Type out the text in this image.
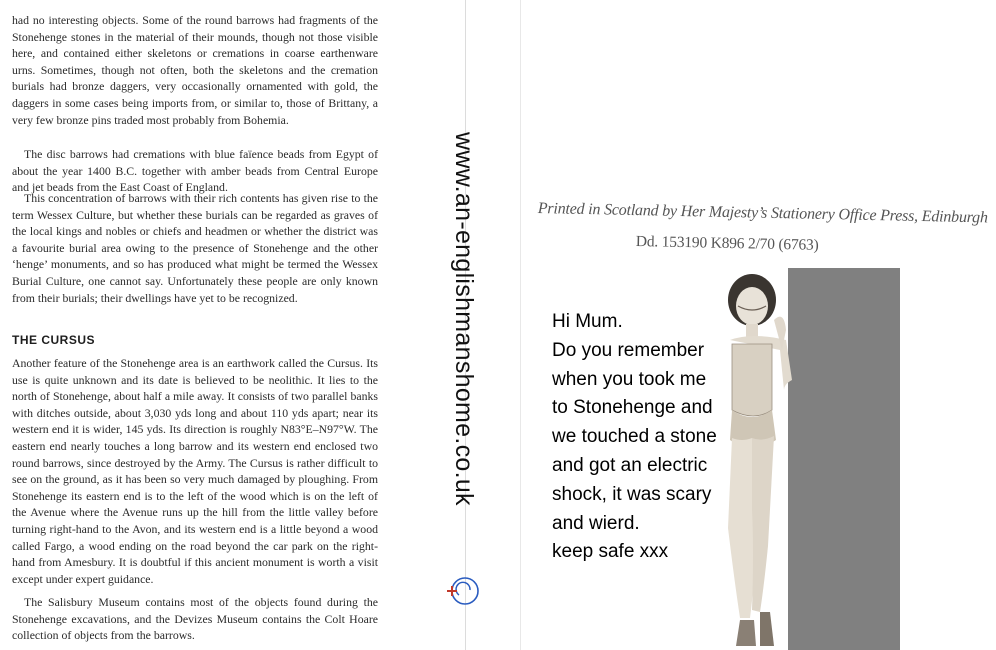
had no interesting objects. Some of the round barrows had fragments of the Stonehenge stones in the material of their mounds, though not those visible here, and contained either skeletons or cremations in coarse earthenware urns. Sometimes, though not often, both the skeletons and the cremation burials had bronze daggers, very occasionally ornamented with gold, the daggers in some cases being imports from, or similar to, those of Brittany, a very few bronze pins traded most probably from Bohemia.

The disc barrows had cremations with blue faïence beads from Egypt of about the year 1400 B.C. together with amber beads from Central Europe and jet beads from the East Coast of England.

This concentration of barrows with their rich contents has given rise to the term Wessex Culture, but whether these burials can be regarded as graves of the local kings and nobles or chiefs and headmen or whether the district was a favourite burial area owing to the presence of Stonehenge and the other ‘henge’ monuments, and so has produced what might be termed the Wessex Burial Culture, one cannot say. Unfortunately these people are only known from their burials; their dwellings have yet to be recognized.

THE CURSUS

Another feature of the Stonehenge area is an earthwork called the Cursus. Its use is quite unknown and its date is believed to be neolithic. It lies to the north of Stonehenge, about half a mile away. It consists of two parallel banks with ditches outside, about 3,030 yds long and about 110 yds apart; near its western end it is wider, 145 yds. Its direction is roughly N83°E–N97°W. The eastern end nearly touches a long barrow and its western end enclosed two round barrows, since destroyed by the Army. The Cursus is rather difficult to see on the ground, as it has been so very much damaged by ploughing. From Stonehenge its eastern end is to the left of the wood which is on the left of the Avenue where the Avenue runs up the hill from the little valley before turning right-hand to the Avon, and its western end is a little beyond a wood called Fargo, a wood ending on the road beyond the car park on the right-hand from Amesbury. It is doubtful if this ancient monument is worth a visit except under expert guidance.

The Salisbury Museum contains most of the objects found during the Stonehenge excavations, and the Devizes Museum contains the Colt Hoare collection of objects from the barrows.

www.an-englishmanshome.co.uk	Printed in Scotland by Her Majesty’s Stationery Office Press, Edinburgh

Dd. 153190 K896 2/70 (6763)

Hi Mum.
Do you remember
when you took me
to Stonehenge and
we touched a stone
and got an electric
shock, it was scary
and wierd.
keep safe xxx
